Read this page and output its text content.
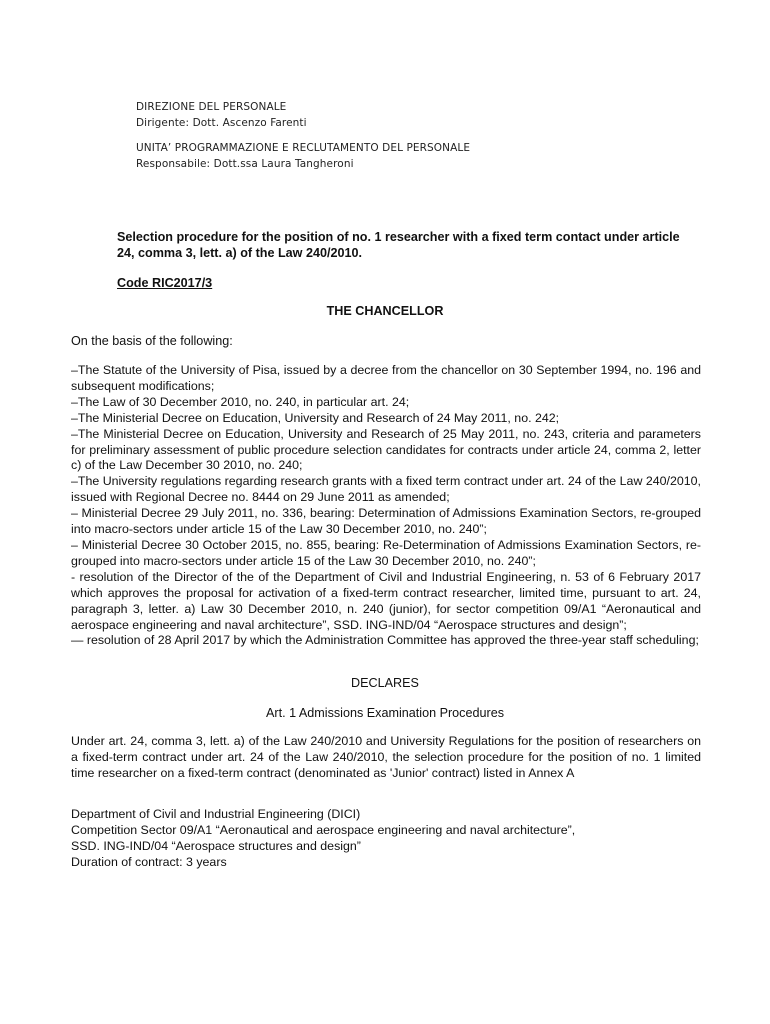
DIREZIONE DEL PERSONALE
Dirigente: Dott. Ascenzo Farenti
UNITA’ PROGRAMMAZIONE E RECLUTAMENTO DEL PERSONALE
Responsabile: Dott.ssa Laura Tangheroni
Selection procedure for the position of no. 1 researcher with a fixed term contact under article 24, comma 3, lett. a) of the Law 240/2010.
Code RIC2017/3
THE CHANCELLOR
On the basis of the following:

–The Statute of the University of Pisa, issued by a decree from the chancellor on 30 September 1994, no. 196 and subsequent modifications;

–The Law of 30 December 2010, no. 240, in particular art. 24;

–The Ministerial Decree on Education, University and Research of 24 May 2011, no. 242;

–The Ministerial Decree on Education, University and Research of 25 May 2011, no. 243, criteria and parameters for preliminary assessment of public procedure selection candidates for contracts under article 24, comma 2, letter c) of the Law December 30 2010, no. 240;

–The University regulations regarding research grants with a fixed term contract under art. 24 of the Law 240/2010, issued with Regional Decree no. 8444 on 29 June 2011 as amended;

– Ministerial Decree 29 July 2011, no. 336, bearing: Determination of Admissions Examination Sectors, re-grouped into macro-sectors under article 15 of the Law 30 December 2010, no. 240”;

– Ministerial Decree 30 October 2015, no. 855, bearing: Re-Determination of Admissions Examination Sectors, re-grouped into macro-sectors under article 15 of the Law 30 December 2010, no. 240”;

- resolution of the Director of the of the Department of Civil and Industrial Engineering, n. 53 of 6 February 2017 which approves the proposal for activation of a fixed-term contract researcher, limited time, pursuant to art. 24, paragraph 3, letter. a) Law 30 December 2010, n. 240 (junior), for sector competition 09/A1 “Aeronautical and aerospace engineering and naval architecture”, SSD. ING-IND/04 “Aerospace structures and design”;

— resolution of 28 April 2017 by which the Administration Committee has approved the three-year staff scheduling;

DECLARES
Art. 1 Admissions Examination Procedures
Under art. 24, comma 3, lett. a) of the Law 240/2010 and University Regulations for the position of researchers on a fixed-term contract under art. 24 of the Law 240/2010, the selection procedure for the position of no. 1 limited time researcher on a fixed-term contract (denominated as 'Junior' contract) listed in Annex A
Department of Civil and Industrial Engineering (DICI)
Competition Sector 09/A1 “Aeronautical and aerospace engineering and naval architecture”,
SSD. ING-IND/04 “Aerospace structures and design”
Duration of contract: 3 years
